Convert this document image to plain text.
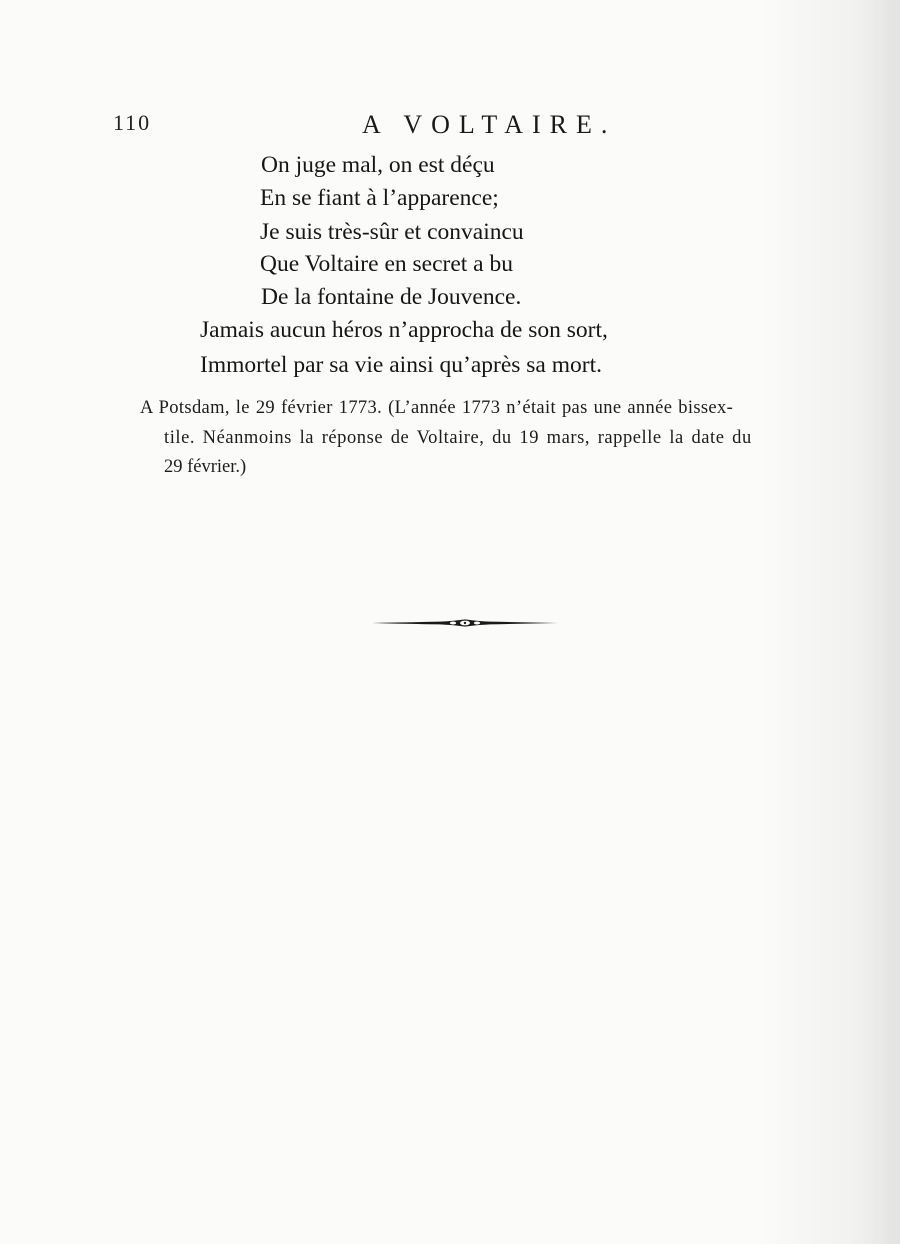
110	A VOLTAIRE.
On juge mal, on est déçu
En se fiant à l’apparence;
Je suis très-sûr et convaincu
Que Voltaire en secret a bu
De la fontaine de Jouvence.
Jamais aucun héros n’approcha de son sort,
Immortel par sa vie ainsi qu’après sa mort.
A Potsdam, le 29 février 1773. (L’année 1773 n’était pas une année bissex-
tile. Néanmoins la réponse de Voltaire, du 19 mars, rappelle la date du
29 février.)
